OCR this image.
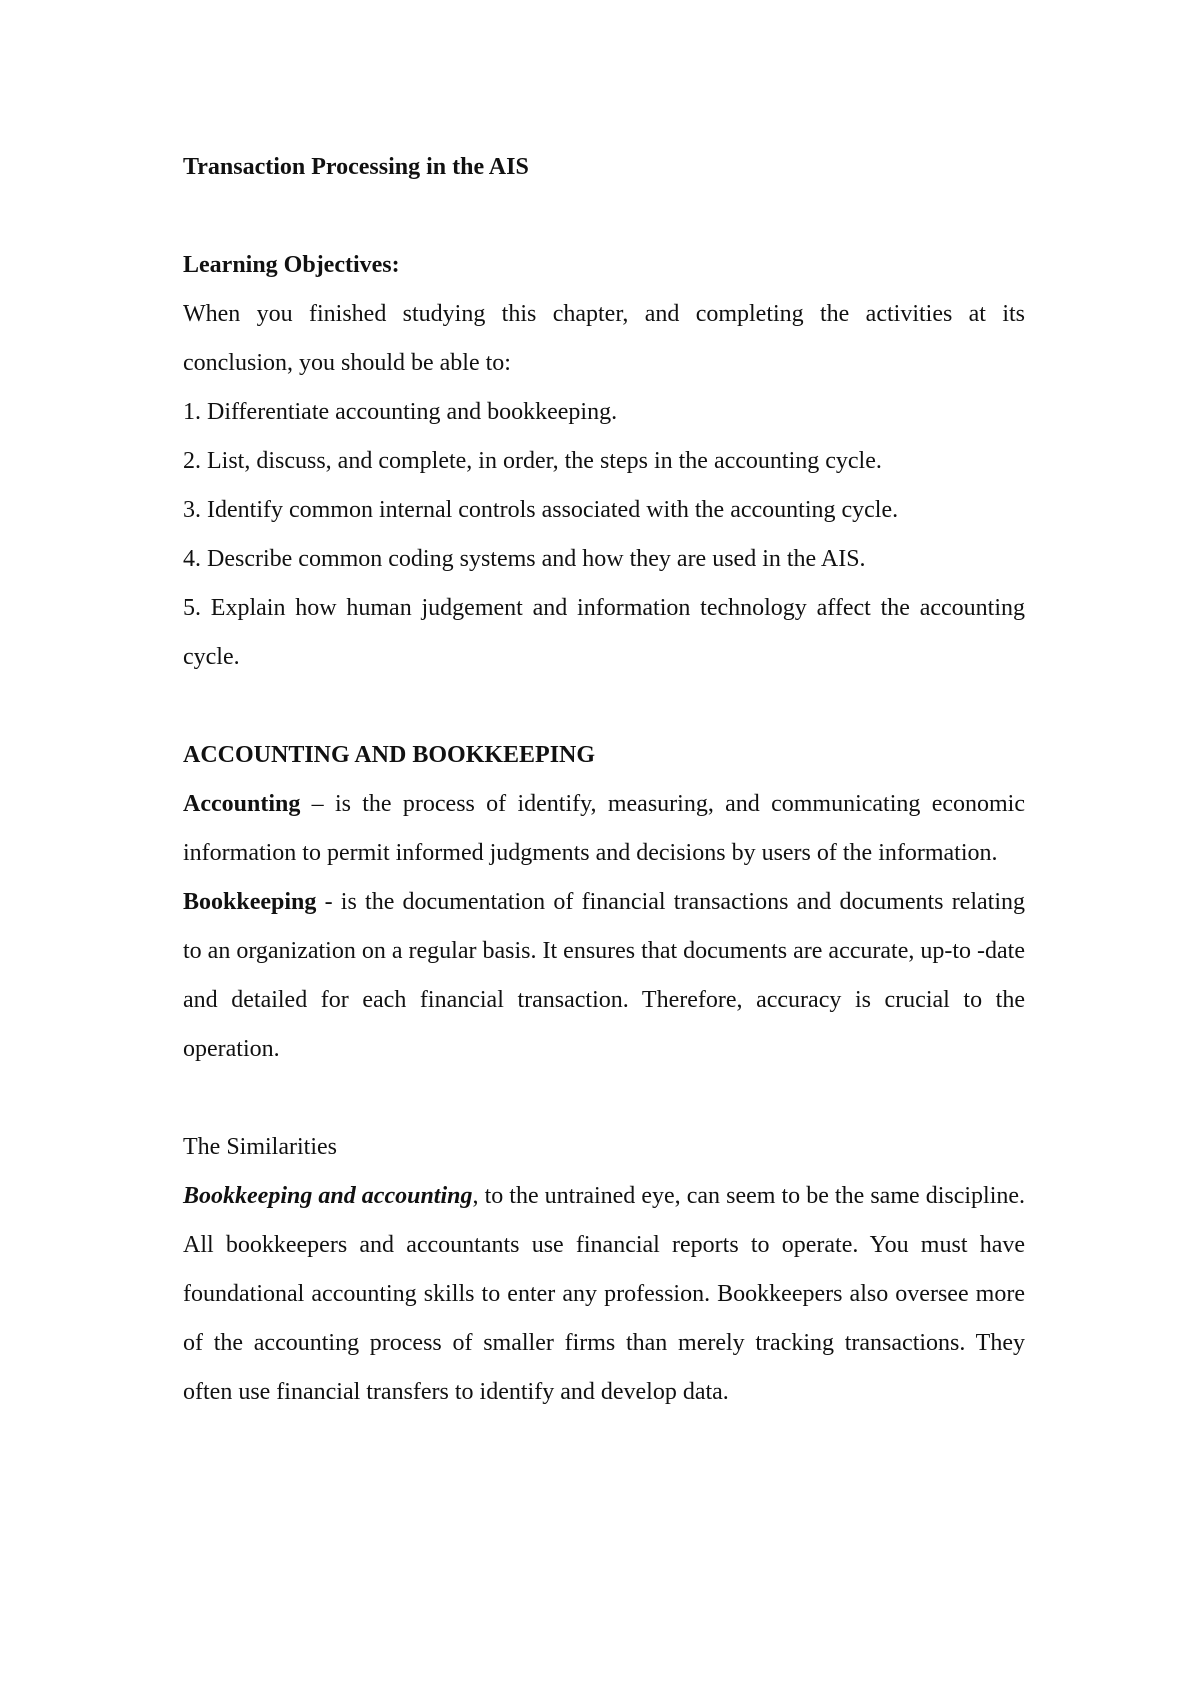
Transaction Processing in the AIS

Learning Objectives:

When you finished studying this chapter, and completing the activities at its conclusion, you should be able to:

1. Differentiate accounting and bookkeeping.

2. List, discuss, and complete, in order, the steps in the accounting cycle.

3. Identify common internal controls associated with the accounting cycle.

4. Describe common coding systems and how they are used in the AIS.

5. Explain how human judgement and information technology affect the accounting cycle.

ACCOUNTING AND BOOKKEEPING

Accounting – is the process of identify, measuring, and communicating economic information to permit informed judgments and decisions by users of the information.

Bookkeeping - is the documentation of financial transactions and documents relating to an organization on a regular basis. It ensures that documents are accurate, up-to -date and detailed for each financial transaction. Therefore, accuracy is crucial to the operation.

The Similarities

Bookkeeping and accounting, to the untrained eye, can seem to be the same discipline. All bookkeepers and accountants use financial reports to operate. You must have foundational accounting skills to enter any profession. Bookkeepers also oversee more of the accounting process of smaller firms than merely tracking transactions. They often use financial transfers to identify and develop data.
